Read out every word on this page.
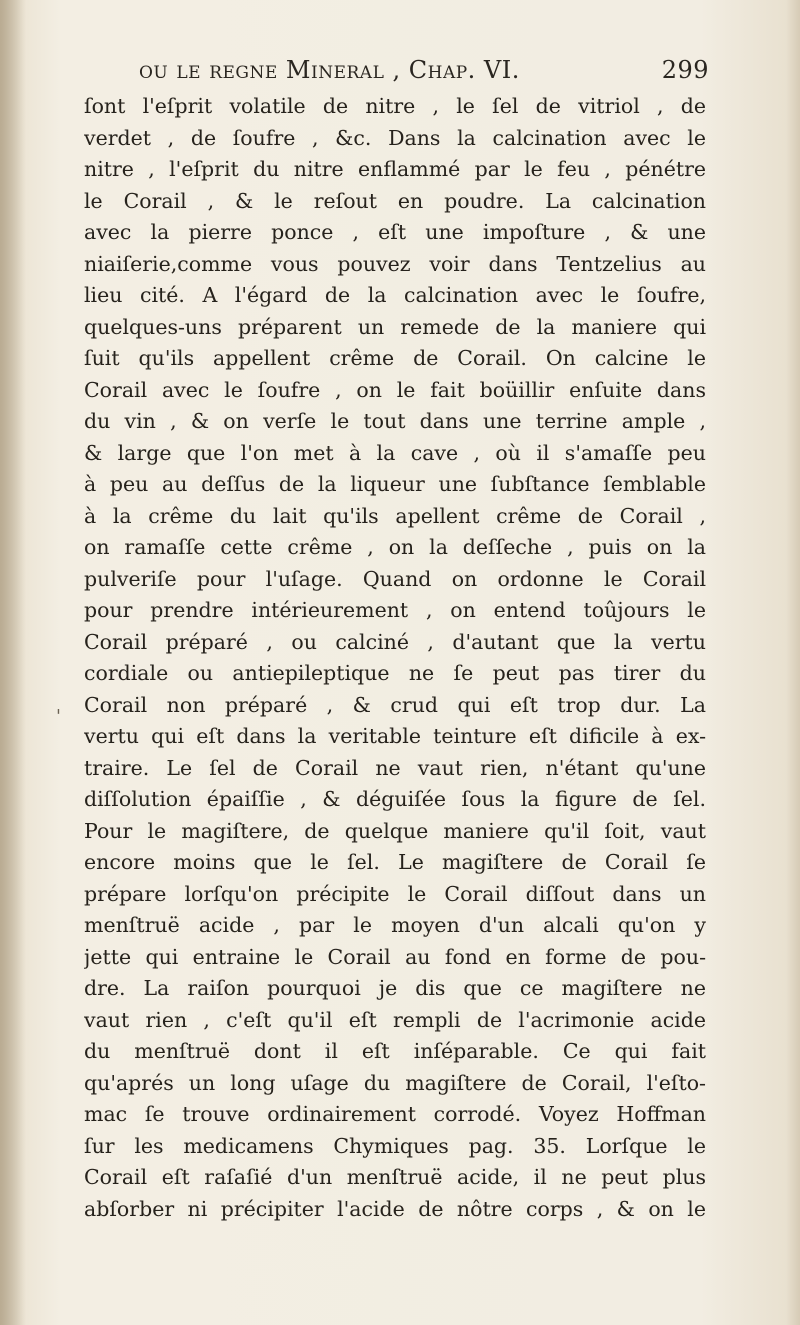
ou le regne Mineral , Chap. VI.	299
'
ſont l'eſprit volatile de nitre , le ſel de vitriol , de
verdet , de ſoufre , &c. Dans la calcination avec le
nitre , l'eſprit du nitre enflammé par le feu , pénétre
le Corail , & le reſout en poudre. La calcination
avec la pierre ponce , eſt une impoſture , & une
niaiſerie,comme vous pouvez voir dans Tentzelius au
lieu cité. A l'égard de la calcination avec le ſoufre,
quelques-uns préparent un remede de la maniere qui
ſuit qu'ils appellent crême de Corail. On calcine le
Corail avec le ſoufre , on le fait boüillir enſuite dans
du vin , & on verſe le tout dans une terrine ample ,
& large que l'on met à la cave , où il s'amaſſe peu
à peu au deſſus de la liqueur une ſubſtance ſemblable
à la crême du lait qu'ils apellent crême de Corail ,
on ramaſſe cette crême , on la deſſeche , puis on la
pulveriſe pour l'uſage. Quand on ordonne le Corail
pour prendre intérieurement , on entend toûjours le
Corail préparé , ou calciné , d'autant que la vertu
cordiale ou antiepileptique ne ſe peut pas tirer du
Corail non préparé , & crud qui eſt trop dur. La
vertu qui eſt dans la veritable teinture eſt dificile à ex-
traire. Le ſel de Corail ne vaut rien, n'étant qu'une
diſſolution épaiſſie , & déguiſée ſous la figure de ſel.
Pour le magiſtere, de quelque maniere qu'il ſoit, vaut
encore moins que le ſel. Le magiſtere de Corail ſe
prépare lorſqu'on précipite le Corail diſſout dans un
menſtruë acide , par le moyen d'un alcali qu'on y
jette qui entraine le Corail au fond en forme de pou-
dre. La raiſon pourquoi je dis que ce magiſtere ne
vaut rien , c'eſt qu'il eſt rempli de l'acrimonie acide
du menſtruë dont il eſt inſéparable. Ce qui fait
qu'aprés un long uſage du magiſtere de Corail, l'eſto-
mac ſe trouve ordinairement corrodé. Voyez Hoffman
ſur les medicamens Chymiques pag. 35. Lorſque le
Corail eſt raſaſié d'un menſtruë acide, il ne peut plus
abſorber ni précipiter l'acide de nôtre corps , & on le
